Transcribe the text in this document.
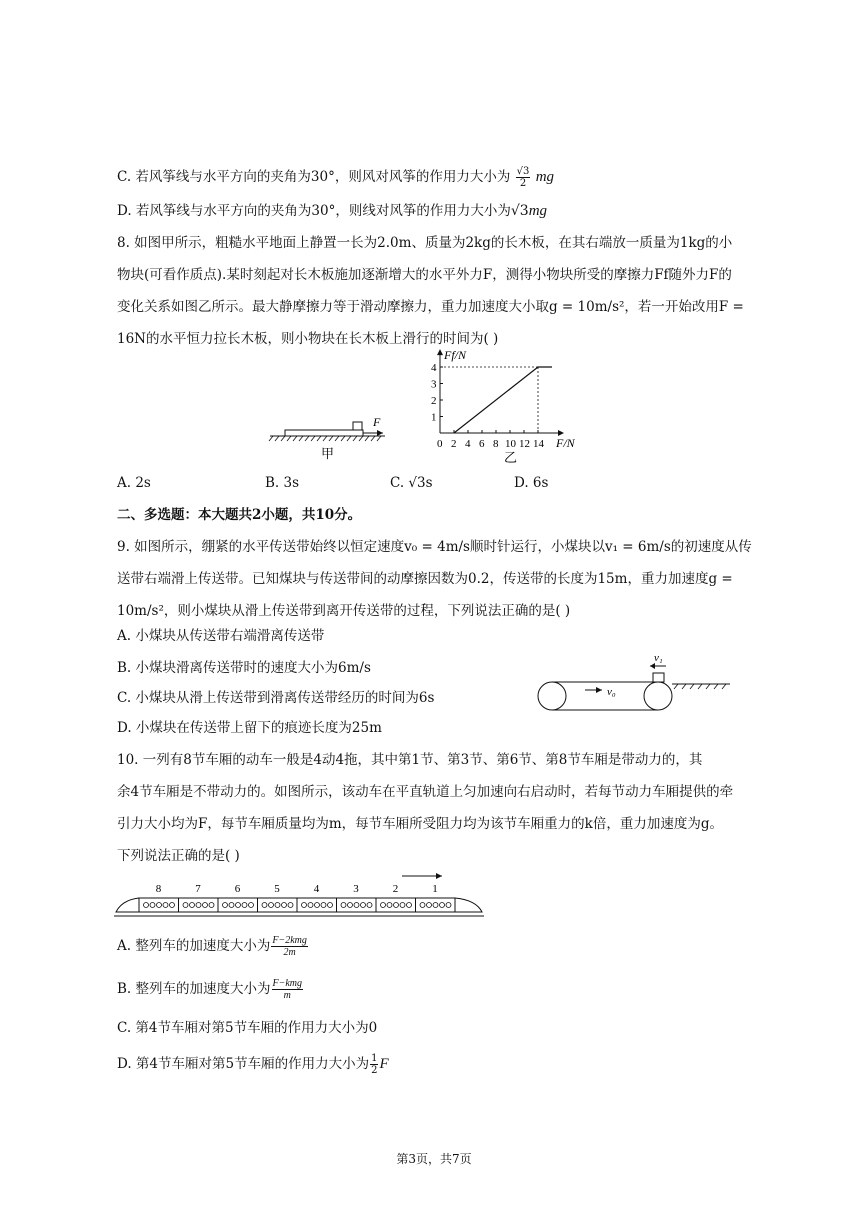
C. 若风筝线与水平方向的夹角为30°，则风对风筝的作用力大小为 $\frac{√3}{2}$ mg
D. 若风筝线与水平方向的夹角为30°，则线对风筝的作用力大小为√3mg
8. 如图甲所示，粗糙水平地面上静置一长为2.0m、质量为2kg的长木板，在其右端放一质量为1kg的小
物块(可看作质点).某时刻起对长木板施加逐渐增大的水平外力F，测得小物块所受的摩擦力Ff随外力F的
变化关系如图乙所示。最大静摩擦力等于滑动摩擦力，重力加速度大小取g = 10m/s²，若一开始改用F =
16N的水平恒力拉长木板，则小物块在长木板上滑行的时间为( )
F
甲
1
2
3
4
0 2 4 6 8 10 12 14
Ff/N
F/N
乙
A. 2s	B. 3s	C. √3s	D. 6s
二、多选题：本大题共2小题，共10分。
9. 如图所示，绷紧的水平传送带始终以恒定速度v₀ = 4m/s顺时针运行，小煤块以v₁ = 6m/s的初速度从传
送带右端滑上传送带。已知煤块与传送带间的动摩擦因数为0.2，传送带的长度为15m，重力加速度g =
10m/s²，则小煤块从滑上传送带到离开传送带的过程，下列说法正确的是( )
A. 小煤块从传送带右端滑离传送带
B. 小煤块滑离传送带时的速度大小为6m/s
C. 小煤块从滑上传送带到滑离传送带经历的时间为6s
D. 小煤块在传送带上留下的痕迹长度为25m
v₁
v₀
10. 一列有8节车厢的动车一般是4动4拖，其中第1节、第3节、第6节、第8节车厢是带动力的，其
余4节车厢是不带动力的。如图所示，该动车在平直轨道上匀加速向右启动时，若每节动力车厢提供的牵
引力大小均为F，每节车厢质量均为m，每节车厢所受阻力均为该节车厢重力的k倍，重力加速度为g。
下列说法正确的是( )
8	7	6	5	4	3	2	1
A. 整列车的加速度大小为 $\frac{\text{F−2kmg}}{2m}$
B. 整列车的加速度大小为 $\frac{\text{F−kmg}}{m}$
C. 第4节车厢对第5节车厢的作用力大小为0
D. 第4节车厢对第5节车厢的作用力大小为 $\frac{1}{2}$ F
第3页，共7页
